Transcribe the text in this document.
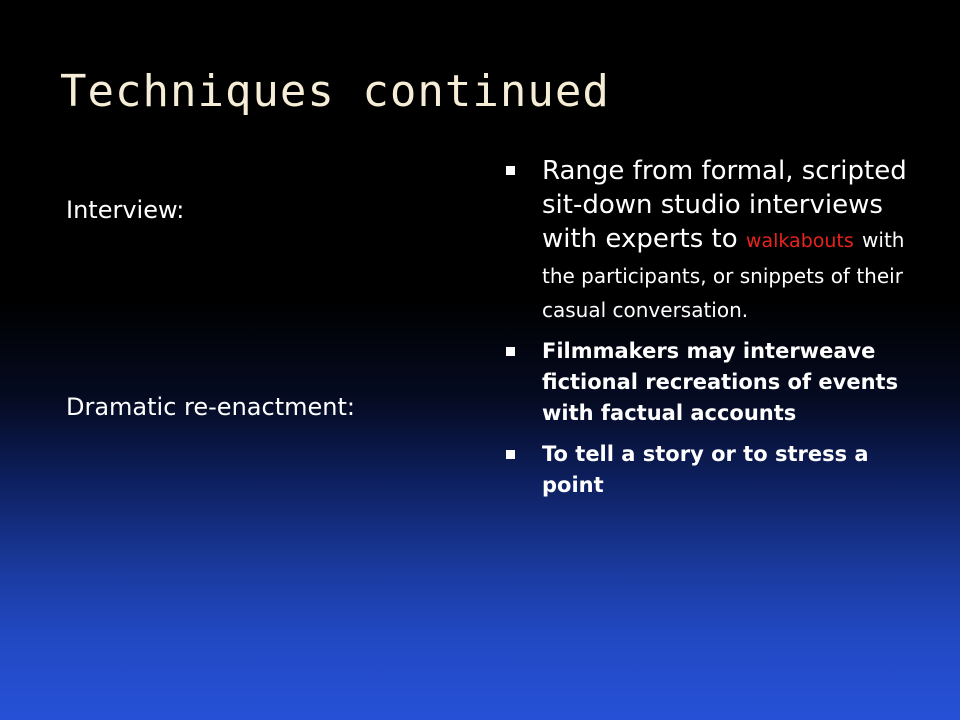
Techniques continued
Interview:
Dramatic re-enactment:
Range from formal, scripted sit-down studio interviews with experts to walkabouts with the participants, or snippets of their casual conversation.
Filmmakers may interweave fictional recreations of events with factual accounts
To tell a story or to stress a point
